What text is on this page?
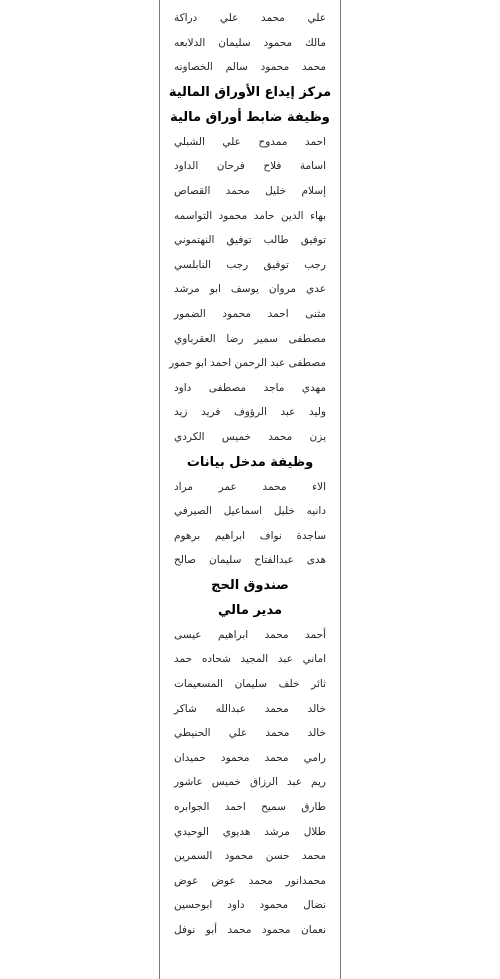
علي محمد علي دراكة
مالك محمود سليمان الدلابعه
محمد محمود سالم الخصاونه
مركز إيداع الأوراق المالية
وظيفة ضابط أوراق مالية
احمد ممدوح علي الشبلي
اسامة فلاح فرحان الداود
إسلام خليل محمد القصاص
بهاء الدين حامد محمود التواسمه
توفيق طالب توفيق النهتموني
رجب توفيق رجب النابلسي
عدي مروان يوسف ابو مرشد
مثنى احمد محمود الضمور
مصطفى سمير رضا العقرباوي
مصطفى عبد الرحمن احمد ابو حمور
مهدي ماجد مصطفى داود
وليد عبد الرؤوف فريد زيد
يزن محمد خميس الكردي
وظيفة مدخل بيانات
الاء محمد عمر مراد
دانيه خليل اسماعيل الصيرفي
ساجدة نواف ابراهيم برهوم
هدى عبدالفتاح سليمان صالح
صندوق الحج
مدير مالي
أحمد محمد ابراهيم عيسى
اماني عبد المجيد شحاده حمد
ثائر خلف سليمان المسعيمات
خالد محمد عبدالله شاكر
خالد محمد علي الحنيطي
رامي محمد محمود حميدان
ريم عبد الرزاق خميس عاشور
طارق سميح احمد الجوابره
طلال مرشد هديوي الوحيدي
محمد حسن محمود السمرين
محمدانور محمد عوض عوض
نضال محمود داود ابوحسين
نعمان محمود محمد أبو نوفل
